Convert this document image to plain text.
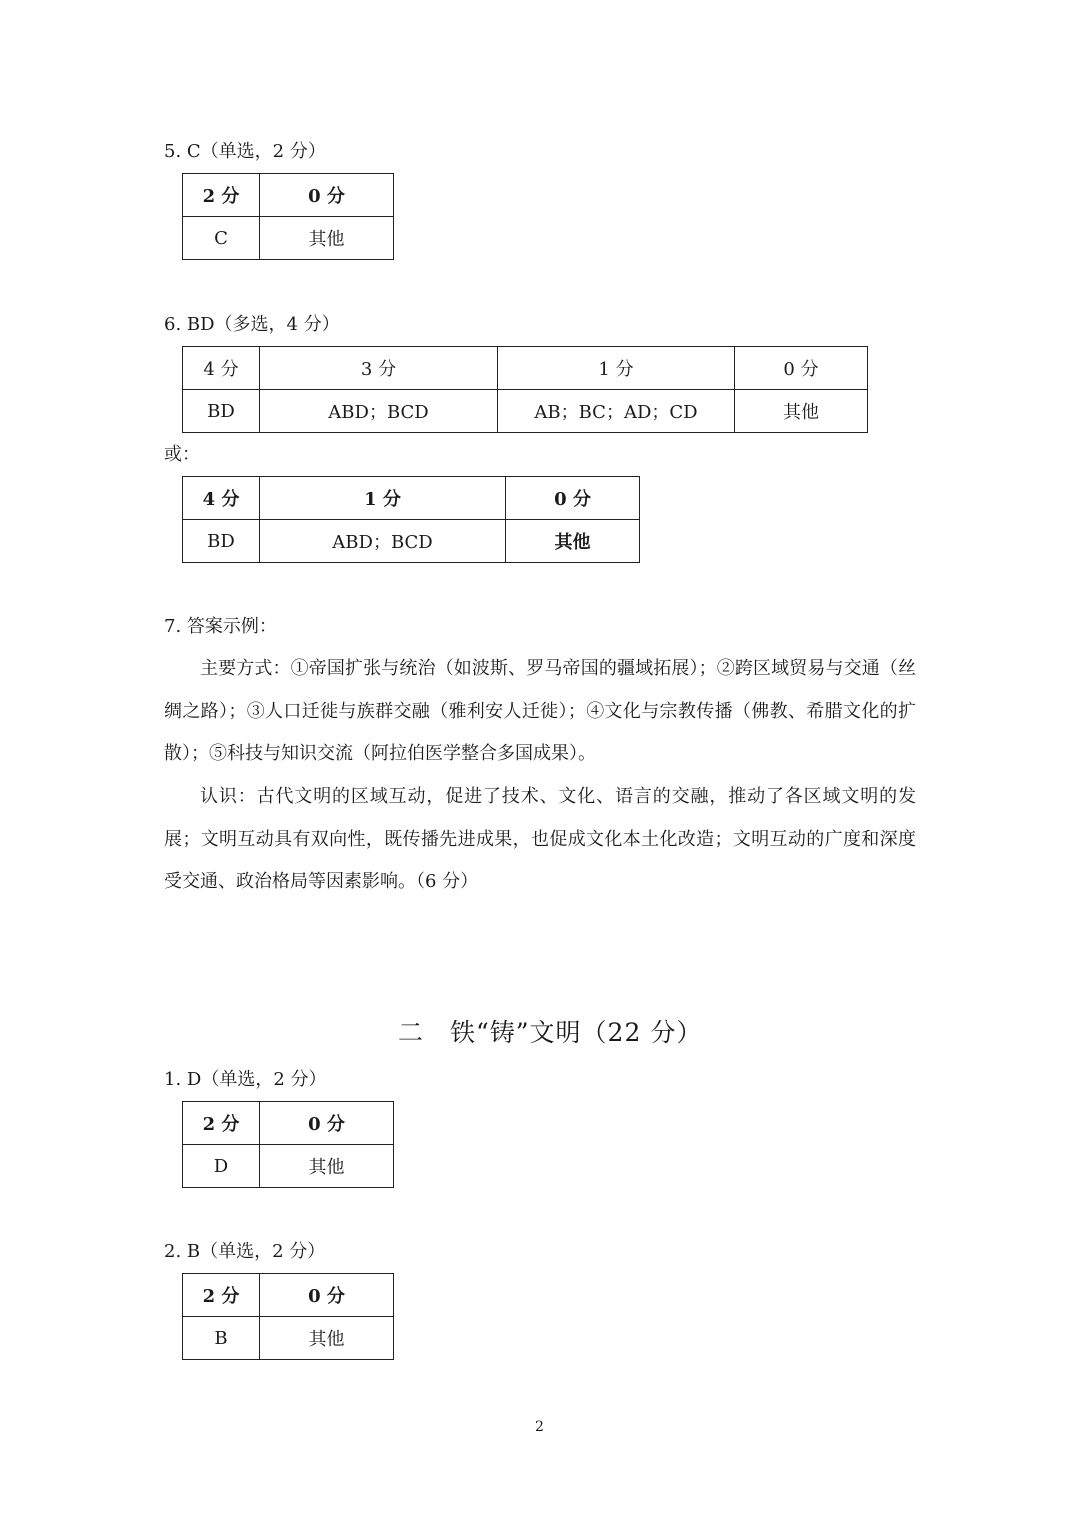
5. C（单选，2 分）
2 分	0 分
C	其他
6. BD（多选，4 分）
4 分	3 分	1 分	0 分
BD	ABD；BCD	AB；BC；AD；CD	其他
或：
4 分	1 分	0 分
BD	ABD；BCD	其他
7. 答案示例：
主要方式：①帝国扩张与统治（如波斯、罗马帝国的疆域拓展）；②跨区域贸易与交通（丝绸之路）；③人口迁徙与族群交融（雅利安人迁徙）；④文化与宗教传播（佛教、希腊文化的扩散）；⑤科技与知识交流（阿拉伯医学整合多国成果）。
认识：古代文明的区域互动，促进了技术、文化、语言的交融，推动了各区域文明的发展；文明互动具有双向性，既传播先进成果，也促成文化本土化改造；文明互动的广度和深度受交通、政治格局等因素影响。（6 分）
二　铁“铸”文明（22 分）
1. D（单选，2 分）
2 分	0 分
D	其他
2. B（单选，2 分）
2 分	0 分
B	其他
2
